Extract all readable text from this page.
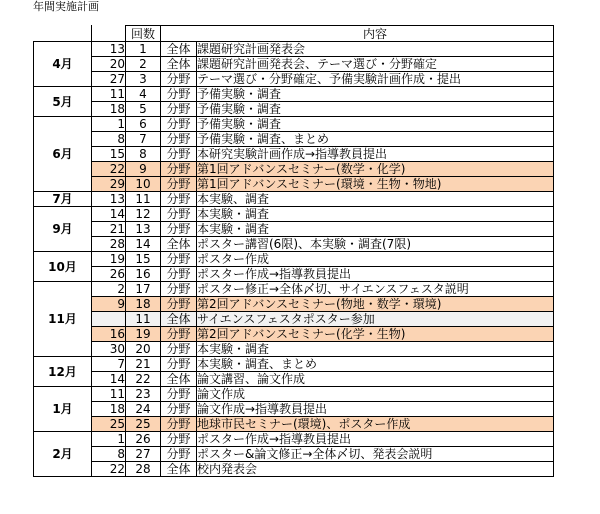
年間実施計画
		回数		内容
4月	13	1	全体	課題研究計画発表会
	20	2	全体	課題研究計画発表会、テーマ選び・分野確定
	27	3	分野	テーマ選び・分野確定、予備実験計画作成・提出
5月	11	4	分野	予備実験・調査
	18	5	分野	予備実験・調査
6月	1	6	分野	予備実験・調査
	8	7	分野	予備実験・調査、まとめ
	15	8	分野	本研究実験計画作成→指導教員提出
	22	9	分野	第1回アドバンスセミナー(数学・化学)
	29	10	分野	第1回アドバンスセミナー(環境・生物・物地)
7月	13	11	分野	本実験、調査
9月	14	12	分野	本実験・調査
	21	13	分野	本実験・調査
	28	14	全体	ポスター講習(6限)、本実験・調査(7限)
10月	19	15	分野	ポスター作成
	26	16	分野	ポスター作成→指導教員提出
11月	2	17	分野	ポスター修正→全体〆切、サイエンスフェスタ説明
	9	18	分野	第2回アドバンスセミナー(物地・数学・環境)
		11	全体	サイエンスフェスタポスター参加
	16	19	分野	第2回アドバンスセミナー(化学・生物)
	30	20	分野	本実験・調査
12月	7	21	分野	本実験・調査、まとめ
	14	22	全体	論文講習、論文作成
1月	11	23	分野	論文作成
	18	24	分野	論文作成→指導教員提出
	25	25	分野	地球市民セミナー(環境)、ポスター作成
2月	1	26	分野	ポスター作成→指導教員提出
	8	27	分野	ポスター&論文修正→全体〆切、発表会説明
	22	28	全体	校内発表会
